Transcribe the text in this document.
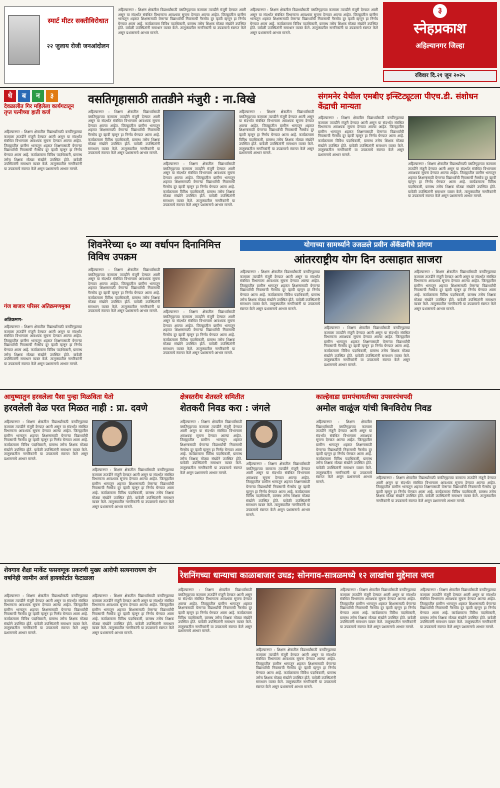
स्मार्ट मीटर सक्तीविरोधात
२२ जुलाय रोजी जनआंदोलन
अहिल्यानगर : शिक्षण क्षेत्रातील विद्यार्थ्यांसाठी वसतिगृहाच्या कामाला तातडीने मंजुरी देण्यात आली असून या संदर्भात संबंधित विभागाला आवश्यक सूचना देण्यात आल्या आहेत. जिल्ह्यातील ग्रामीण भागातून शहरात शिक्षणासाठी येणाऱ्या विद्यार्थ्यांची निवासाची गैरसोय दूर व्हावी म्हणून हा निर्णय घेण्यात आला आहे. कार्यक्रमाला विविध पदाधिकारी, ग्रामस्थ तसेच शिक्षक मोठ्या संख्येने उपस्थित होते. यावेळी उपस्थितांनी समाधान व्यक्त केले. तालुक्यातील नागरिकांनी या उपक्रमाचे स्वागत केले असून प्रशासनाचे आभार मानले.
अहिल्यानगर : शिक्षण क्षेत्रातील विद्यार्थ्यांसाठी वसतिगृहाच्या कामाला तातडीने मंजुरी देण्यात आली असून या संदर्भात संबंधित विभागाला आवश्यक सूचना देण्यात आल्या आहेत. जिल्ह्यातील ग्रामीण भागातून शहरात शिक्षणासाठी येणाऱ्या विद्यार्थ्यांची निवासाची गैरसोय दूर व्हावी म्हणून हा निर्णय घेण्यात आला आहे. कार्यक्रमाला विविध पदाधिकारी, ग्रामस्थ तसेच शिक्षक मोठ्या संख्येने उपस्थित होते. यावेळी उपस्थितांनी समाधान व्यक्त केले. तालुक्यातील नागरिकांनी या उपक्रमाचे स्वागत केले असून प्रशासनाचे आभार मानले.
३
स्नेहप्रकाश
अहिल्यानगर जिल्हा
रविवार दि.२१ जून २०२५
धे	ब	न	३
देवळालीत गिर महिलेला कार्यगटातून तृप्त पत्नीच्या हाती कर्ज
अहिल्यानगर : शिक्षण क्षेत्रातील विद्यार्थ्यांसाठी वसतिगृहाच्या कामाला तातडीने मंजुरी देण्यात आली असून या संदर्भात संबंधित विभागाला आवश्यक सूचना देण्यात आल्या आहेत. जिल्ह्यातील ग्रामीण भागातून शहरात शिक्षणासाठी येणाऱ्या विद्यार्थ्यांची निवासाची गैरसोय दूर व्हावी म्हणून हा निर्णय घेण्यात आला आहे. कार्यक्रमाला विविध पदाधिकारी, ग्रामस्थ तसेच शिक्षक मोठ्या संख्येने उपस्थित होते. यावेळी उपस्थितांनी समाधान व्यक्त केले. तालुक्यातील नागरिकांनी या उपक्रमाचे स्वागत केले असून प्रशासनाचे आभार मानले.
गंज बाजार परिसर अतिक्रमणमुक्त
अतिक्रमण-
अहिल्यानगर : शिक्षण क्षेत्रातील विद्यार्थ्यांसाठी वसतिगृहाच्या कामाला तातडीने मंजुरी देण्यात आली असून या संदर्भात संबंधित विभागाला आवश्यक सूचना देण्यात आल्या आहेत. जिल्ह्यातील ग्रामीण भागातून शहरात शिक्षणासाठी येणाऱ्या विद्यार्थ्यांची निवासाची गैरसोय दूर व्हावी म्हणून हा निर्णय घेण्यात आला आहे. कार्यक्रमाला विविध पदाधिकारी, ग्रामस्थ तसेच शिक्षक मोठ्या संख्येने उपस्थित होते. यावेळी उपस्थितांनी समाधान व्यक्त केले. तालुक्यातील नागरिकांनी या उपक्रमाचे स्वागत केले असून प्रशासनाचे आभार मानले.
वसतिगृहासाठी तातडीने मंजुरी : ना.विखे
अहिल्यानगर : शिक्षण क्षेत्रातील विद्यार्थ्यांसाठी वसतिगृहाच्या कामाला तातडीने मंजुरी देण्यात आली असून या संदर्भात संबंधित विभागाला आवश्यक सूचना देण्यात आल्या आहेत. जिल्ह्यातील ग्रामीण भागातून शहरात शिक्षणासाठी येणाऱ्या विद्यार्थ्यांची निवासाची गैरसोय दूर व्हावी म्हणून हा निर्णय घेण्यात आला आहे. कार्यक्रमाला विविध पदाधिकारी, ग्रामस्थ तसेच शिक्षक मोठ्या संख्येने उपस्थित होते. यावेळी उपस्थितांनी समाधान व्यक्त केले. तालुक्यातील नागरिकांनी या उपक्रमाचे स्वागत केले असून प्रशासनाचे आभार मानले.
अहिल्यानगर : शिक्षण क्षेत्रातील विद्यार्थ्यांसाठी वसतिगृहाच्या कामाला तातडीने मंजुरी देण्यात आली असून या संदर्भात संबंधित विभागाला आवश्यक सूचना देण्यात आल्या आहेत. जिल्ह्यातील ग्रामीण भागातून शहरात शिक्षणासाठी येणाऱ्या विद्यार्थ्यांची निवासाची गैरसोय दूर व्हावी म्हणून हा निर्णय घेण्यात आला आहे. कार्यक्रमाला विविध पदाधिकारी, ग्रामस्थ तसेच शिक्षक मोठ्या संख्येने उपस्थित होते. यावेळी उपस्थितांनी समाधान व्यक्त केले. तालुक्यातील नागरिकांनी या उपक्रमाचे स्वागत केले असून प्रशासनाचे आभार मानले.
अहिल्यानगर : शिक्षण क्षेत्रातील विद्यार्थ्यांसाठी वसतिगृहाच्या कामाला तातडीने मंजुरी देण्यात आली असून या संदर्भात संबंधित विभागाला आवश्यक सूचना देण्यात आल्या आहेत. जिल्ह्यातील ग्रामीण भागातून शहरात शिक्षणासाठी येणाऱ्या विद्यार्थ्यांची निवासाची गैरसोय दूर व्हावी म्हणून हा निर्णय घेण्यात आला आहे. कार्यक्रमाला विविध पदाधिकारी, ग्रामस्थ तसेच शिक्षक मोठ्या संख्येने उपस्थित होते. यावेळी उपस्थितांनी समाधान व्यक्त केले. तालुक्यातील नागरिकांनी या उपक्रमाचे स्वागत केले असून प्रशासनाचे आभार मानले.
संगमनेर येथील एमबीए इन्स्टिट्यूटला पीएच.डी. संशोधन केंद्राची मान्यता
अहिल्यानगर : शिक्षण क्षेत्रातील विद्यार्थ्यांसाठी वसतिगृहाच्या कामाला तातडीने मंजुरी देण्यात आली असून या संदर्भात संबंधित विभागाला आवश्यक सूचना देण्यात आल्या आहेत. जिल्ह्यातील ग्रामीण भागातून शहरात शिक्षणासाठी येणाऱ्या विद्यार्थ्यांची निवासाची गैरसोय दूर व्हावी म्हणून हा निर्णय घेण्यात आला आहे. कार्यक्रमाला विविध पदाधिकारी, ग्रामस्थ तसेच शिक्षक मोठ्या संख्येने उपस्थित होते. यावेळी उपस्थितांनी समाधान व्यक्त केले. तालुक्यातील नागरिकांनी या उपक्रमाचे स्वागत केले असून प्रशासनाचे आभार मानले.
अहिल्यानगर : शिक्षण क्षेत्रातील विद्यार्थ्यांसाठी वसतिगृहाच्या कामाला तातडीने मंजुरी देण्यात आली असून या संदर्भात संबंधित विभागाला आवश्यक सूचना देण्यात आल्या आहेत. जिल्ह्यातील ग्रामीण भागातून शहरात शिक्षणासाठी येणाऱ्या विद्यार्थ्यांची निवासाची गैरसोय दूर व्हावी म्हणून हा निर्णय घेण्यात आला आहे. कार्यक्रमाला विविध पदाधिकारी, ग्रामस्थ तसेच शिक्षक मोठ्या संख्येने उपस्थित होते. यावेळी उपस्थितांनी समाधान व्यक्त केले. तालुक्यातील नागरिकांनी या उपक्रमाचे स्वागत केले असून प्रशासनाचे आभार मानले.
शिवनेरेच्या ६० व्या वर्धापन दिनानिमित्त विविध उपक्रम
अहिल्यानगर : शिक्षण क्षेत्रातील विद्यार्थ्यांसाठी वसतिगृहाच्या कामाला तातडीने मंजुरी देण्यात आली असून या संदर्भात संबंधित विभागाला आवश्यक सूचना देण्यात आल्या आहेत. जिल्ह्यातील ग्रामीण भागातून शहरात शिक्षणासाठी येणाऱ्या विद्यार्थ्यांची निवासाची गैरसोय दूर व्हावी म्हणून हा निर्णय घेण्यात आला आहे. कार्यक्रमाला विविध पदाधिकारी, ग्रामस्थ तसेच शिक्षक मोठ्या संख्येने उपस्थित होते. यावेळी उपस्थितांनी समाधान व्यक्त केले. तालुक्यातील नागरिकांनी या उपक्रमाचे स्वागत केले असून प्रशासनाचे आभार मानले.	अहिल्यानगर : शिक्षण क्षेत्रातील विद्यार्थ्यांसाठी वसतिगृहाच्या कामाला तातडीने मंजुरी देण्यात आली असून या संदर्भात संबंधित विभागाला आवश्यक सूचना देण्यात आल्या आहेत. जिल्ह्यातील ग्रामीण भागातून शहरात शिक्षणासाठी येणाऱ्या विद्यार्थ्यांची निवासाची गैरसोय दूर व्हावी म्हणून हा निर्णय घेण्यात आला आहे. कार्यक्रमाला विविध पदाधिकारी, ग्रामस्थ तसेच शिक्षक मोठ्या संख्येने उपस्थित होते. यावेळी उपस्थितांनी समाधान व्यक्त केले. तालुक्यातील नागरिकांनी या उपक्रमाचे स्वागत केले असून प्रशासनाचे आभार मानले.
योगाच्या सामर्थ्याने उजळले प्रवीन ॲकॅडमीचे प्रांगण
आंतरराष्ट्रीय योग दिन उत्साहात साजरा
अहिल्यानगर : शिक्षण क्षेत्रातील विद्यार्थ्यांसाठी वसतिगृहाच्या कामाला तातडीने मंजुरी देण्यात आली असून या संदर्भात संबंधित विभागाला आवश्यक सूचना देण्यात आल्या आहेत. जिल्ह्यातील ग्रामीण भागातून शहरात शिक्षणासाठी येणाऱ्या विद्यार्थ्यांची निवासाची गैरसोय दूर व्हावी म्हणून हा निर्णय घेण्यात आला आहे. कार्यक्रमाला विविध पदाधिकारी, ग्रामस्थ तसेच शिक्षक मोठ्या संख्येने उपस्थित होते. यावेळी उपस्थितांनी समाधान व्यक्त केले. तालुक्यातील नागरिकांनी या उपक्रमाचे स्वागत केले असून प्रशासनाचे आभार मानले.
अहिल्यानगर : शिक्षण क्षेत्रातील विद्यार्थ्यांसाठी वसतिगृहाच्या कामाला तातडीने मंजुरी देण्यात आली असून या संदर्भात संबंधित विभागाला आवश्यक सूचना देण्यात आल्या आहेत. जिल्ह्यातील ग्रामीण भागातून शहरात शिक्षणासाठी येणाऱ्या विद्यार्थ्यांची निवासाची गैरसोय दूर व्हावी म्हणून हा निर्णय घेण्यात आला आहे. कार्यक्रमाला विविध पदाधिकारी, ग्रामस्थ तसेच शिक्षक मोठ्या संख्येने उपस्थित होते. यावेळी उपस्थितांनी समाधान व्यक्त केले. तालुक्यातील नागरिकांनी या उपक्रमाचे स्वागत केले असून प्रशासनाचे आभार मानले.
अहिल्यानगर : शिक्षण क्षेत्रातील विद्यार्थ्यांसाठी वसतिगृहाच्या कामाला तातडीने मंजुरी देण्यात आली असून या संदर्भात संबंधित विभागाला आवश्यक सूचना देण्यात आल्या आहेत. जिल्ह्यातील ग्रामीण भागातून शहरात शिक्षणासाठी येणाऱ्या विद्यार्थ्यांची निवासाची गैरसोय दूर व्हावी म्हणून हा निर्णय घेण्यात आला आहे. कार्यक्रमाला विविध पदाधिकारी, ग्रामस्थ तसेच शिक्षक मोठ्या संख्येने उपस्थित होते. यावेळी उपस्थितांनी समाधान व्यक्त केले. तालुक्यातील नागरिकांनी या उपक्रमाचे स्वागत केले असून प्रशासनाचे आभार मानले.
आयुष्यातुन हरवलेला पैसा पुन्हा मिळविता येतो
हरवलेली वेळ परत मिळत नाही : प्रा. दवणे
अहिल्यानगर : शिक्षण क्षेत्रातील विद्यार्थ्यांसाठी वसतिगृहाच्या कामाला तातडीने मंजुरी देण्यात आली असून या संदर्भात संबंधित विभागाला आवश्यक सूचना देण्यात आल्या आहेत. जिल्ह्यातील ग्रामीण भागातून शहरात शिक्षणासाठी येणाऱ्या विद्यार्थ्यांची निवासाची गैरसोय दूर व्हावी म्हणून हा निर्णय घेण्यात आला आहे. कार्यक्रमाला विविध पदाधिकारी, ग्रामस्थ तसेच शिक्षक मोठ्या संख्येने उपस्थित होते. यावेळी उपस्थितांनी समाधान व्यक्त केले. तालुक्यातील नागरिकांनी या उपक्रमाचे स्वागत केले असून प्रशासनाचे आभार मानले.
अहिल्यानगर : शिक्षण क्षेत्रातील विद्यार्थ्यांसाठी वसतिगृहाच्या कामाला तातडीने मंजुरी देण्यात आली असून या संदर्भात संबंधित विभागाला आवश्यक सूचना देण्यात आल्या आहेत. जिल्ह्यातील ग्रामीण भागातून शहरात शिक्षणासाठी येणाऱ्या विद्यार्थ्यांची निवासाची गैरसोय दूर व्हावी म्हणून हा निर्णय घेण्यात आला आहे. कार्यक्रमाला विविध पदाधिकारी, ग्रामस्थ तसेच शिक्षक मोठ्या संख्येने उपस्थित होते. यावेळी उपस्थितांनी समाधान व्यक्त केले. तालुक्यातील नागरिकांनी या उपक्रमाचे स्वागत केले असून प्रशासनाचे आभार मानले.
क्षेत्रस्तरीय शेतस्तरे समितीत
शेतकरी निवड करा : जंगले
अहिल्यानगर : शिक्षण क्षेत्रातील विद्यार्थ्यांसाठी वसतिगृहाच्या कामाला तातडीने मंजुरी देण्यात आली असून या संदर्भात संबंधित विभागाला आवश्यक सूचना देण्यात आल्या आहेत. जिल्ह्यातील ग्रामीण भागातून शहरात शिक्षणासाठी येणाऱ्या विद्यार्थ्यांची निवासाची गैरसोय दूर व्हावी म्हणून हा निर्णय घेण्यात आला आहे. कार्यक्रमाला विविध पदाधिकारी, ग्रामस्थ तसेच शिक्षक मोठ्या संख्येने उपस्थित होते. यावेळी उपस्थितांनी समाधान व्यक्त केले. तालुक्यातील नागरिकांनी या उपक्रमाचे स्वागत केले असून प्रशासनाचे आभार मानले.
अहिल्यानगर : शिक्षण क्षेत्रातील विद्यार्थ्यांसाठी वसतिगृहाच्या कामाला तातडीने मंजुरी देण्यात आली असून या संदर्भात संबंधित विभागाला आवश्यक सूचना देण्यात आल्या आहेत. जिल्ह्यातील ग्रामीण भागातून शहरात शिक्षणासाठी येणाऱ्या विद्यार्थ्यांची निवासाची गैरसोय दूर व्हावी म्हणून हा निर्णय घेण्यात आला आहे. कार्यक्रमाला विविध पदाधिकारी, ग्रामस्थ तसेच शिक्षक मोठ्या संख्येने उपस्थित होते. यावेळी उपस्थितांनी समाधान व्यक्त केले. तालुक्यातील नागरिकांनी या उपक्रमाचे स्वागत केले असून प्रशासनाचे आभार मानले.
काल्हेवाडा ग्रामपंचायतीच्या उपसरपंचपदी
अमोल वाळूंज यांची बिनविरोध निवड
अहिल्यानगर : शिक्षण क्षेत्रातील विद्यार्थ्यांसाठी वसतिगृहाच्या कामाला तातडीने मंजुरी देण्यात आली असून या संदर्भात संबंधित विभागाला आवश्यक सूचना देण्यात आल्या आहेत. जिल्ह्यातील ग्रामीण भागातून शहरात शिक्षणासाठी येणाऱ्या विद्यार्थ्यांची निवासाची गैरसोय दूर व्हावी म्हणून हा निर्णय घेण्यात आला आहे. कार्यक्रमाला विविध पदाधिकारी, ग्रामस्थ तसेच शिक्षक मोठ्या संख्येने उपस्थित होते. यावेळी उपस्थितांनी समाधान व्यक्त केले. तालुक्यातील नागरिकांनी या उपक्रमाचे स्वागत केले असून प्रशासनाचे आभार मानले.
अहिल्यानगर : शिक्षण क्षेत्रातील विद्यार्थ्यांसाठी वसतिगृहाच्या कामाला तातडीने मंजुरी देण्यात आली असून या संदर्भात संबंधित विभागाला आवश्यक सूचना देण्यात आल्या आहेत. जिल्ह्यातील ग्रामीण भागातून शहरात शिक्षणासाठी येणाऱ्या विद्यार्थ्यांची निवासाची गैरसोय दूर व्हावी म्हणून हा निर्णय घेण्यात आला आहे. कार्यक्रमाला विविध पदाधिकारी, ग्रामस्थ तसेच शिक्षक मोठ्या संख्येने उपस्थित होते. यावेळी उपस्थितांनी समाधान व्यक्त केले. तालुक्यातील नागरिकांनी या उपक्रमाचे स्वागत केले असून प्रशासनाचे आभार मानले.
शेवगाव शैक्षा मार्केट फसवणूक प्रकरणी मुख्य आरोपी सत्यनारायण दोन वर्षानेही जामीन अर्ज हायकोर्टात फेटाळला
अहिल्यानगर : शिक्षण क्षेत्रातील विद्यार्थ्यांसाठी वसतिगृहाच्या कामाला तातडीने मंजुरी देण्यात आली असून या संदर्भात संबंधित विभागाला आवश्यक सूचना देण्यात आल्या आहेत. जिल्ह्यातील ग्रामीण भागातून शहरात शिक्षणासाठी येणाऱ्या विद्यार्थ्यांची निवासाची गैरसोय दूर व्हावी म्हणून हा निर्णय घेण्यात आला आहे. कार्यक्रमाला विविध पदाधिकारी, ग्रामस्थ तसेच शिक्षक मोठ्या संख्येने उपस्थित होते. यावेळी उपस्थितांनी समाधान व्यक्त केले. तालुक्यातील नागरिकांनी या उपक्रमाचे स्वागत केले असून प्रशासनाचे आभार मानले.
अहिल्यानगर : शिक्षण क्षेत्रातील विद्यार्थ्यांसाठी वसतिगृहाच्या कामाला तातडीने मंजुरी देण्यात आली असून या संदर्भात संबंधित विभागाला आवश्यक सूचना देण्यात आल्या आहेत. जिल्ह्यातील ग्रामीण भागातून शहरात शिक्षणासाठी येणाऱ्या विद्यार्थ्यांची निवासाची गैरसोय दूर व्हावी म्हणून हा निर्णय घेण्यात आला आहे. कार्यक्रमाला विविध पदाधिकारी, ग्रामस्थ तसेच शिक्षक मोठ्या संख्येने उपस्थित होते. यावेळी उपस्थितांनी समाधान व्यक्त केले. तालुक्यातील नागरिकांनी या उपक्रमाचे स्वागत केले असून प्रशासनाचे आभार मानले.
रेशनिंगच्या धान्याचा काळाबाजार उघड; सोनगाव-सात्रळमध्ये १२ लाखांचा मुद्देमाल जप्त
अहिल्यानगर : शिक्षण क्षेत्रातील विद्यार्थ्यांसाठी वसतिगृहाच्या कामाला तातडीने मंजुरी देण्यात आली असून या संदर्भात संबंधित विभागाला आवश्यक सूचना देण्यात आल्या आहेत. जिल्ह्यातील ग्रामीण भागातून शहरात शिक्षणासाठी येणाऱ्या विद्यार्थ्यांची निवासाची गैरसोय दूर व्हावी म्हणून हा निर्णय घेण्यात आला आहे. कार्यक्रमाला विविध पदाधिकारी, ग्रामस्थ तसेच शिक्षक मोठ्या संख्येने उपस्थित होते. यावेळी उपस्थितांनी समाधान व्यक्त केले. तालुक्यातील नागरिकांनी या उपक्रमाचे स्वागत केले असून प्रशासनाचे आभार मानले.
अहिल्यानगर : शिक्षण क्षेत्रातील विद्यार्थ्यांसाठी वसतिगृहाच्या कामाला तातडीने मंजुरी देण्यात आली असून या संदर्भात संबंधित विभागाला आवश्यक सूचना देण्यात आल्या आहेत. जिल्ह्यातील ग्रामीण भागातून शहरात शिक्षणासाठी येणाऱ्या विद्यार्थ्यांची निवासाची गैरसोय दूर व्हावी म्हणून हा निर्णय घेण्यात आला आहे. कार्यक्रमाला विविध पदाधिकारी, ग्रामस्थ तसेच शिक्षक मोठ्या संख्येने उपस्थित होते. यावेळी उपस्थितांनी समाधान व्यक्त केले. तालुक्यातील नागरिकांनी या उपक्रमाचे स्वागत केले असून प्रशासनाचे आभार मानले.
अहिल्यानगर : शिक्षण क्षेत्रातील विद्यार्थ्यांसाठी वसतिगृहाच्या कामाला तातडीने मंजुरी देण्यात आली असून या संदर्भात संबंधित विभागाला आवश्यक सूचना देण्यात आल्या आहेत. जिल्ह्यातील ग्रामीण भागातून शहरात शिक्षणासाठी येणाऱ्या विद्यार्थ्यांची निवासाची गैरसोय दूर व्हावी म्हणून हा निर्णय घेण्यात आला आहे. कार्यक्रमाला विविध पदाधिकारी, ग्रामस्थ तसेच शिक्षक मोठ्या संख्येने उपस्थित होते. यावेळी उपस्थितांनी समाधान व्यक्त केले. तालुक्यातील नागरिकांनी या उपक्रमाचे स्वागत केले असून प्रशासनाचे आभार मानले.
अहिल्यानगर : शिक्षण क्षेत्रातील विद्यार्थ्यांसाठी वसतिगृहाच्या कामाला तातडीने मंजुरी देण्यात आली असून या संदर्भात संबंधित विभागाला आवश्यक सूचना देण्यात आल्या आहेत. जिल्ह्यातील ग्रामीण भागातून शहरात शिक्षणासाठी येणाऱ्या विद्यार्थ्यांची निवासाची गैरसोय दूर व्हावी म्हणून हा निर्णय घेण्यात आला आहे. कार्यक्रमाला विविध पदाधिकारी, ग्रामस्थ तसेच शिक्षक मोठ्या संख्येने उपस्थित होते. यावेळी उपस्थितांनी समाधान व्यक्त केले. तालुक्यातील नागरिकांनी या उपक्रमाचे स्वागत केले असून प्रशासनाचे आभार मानले.
